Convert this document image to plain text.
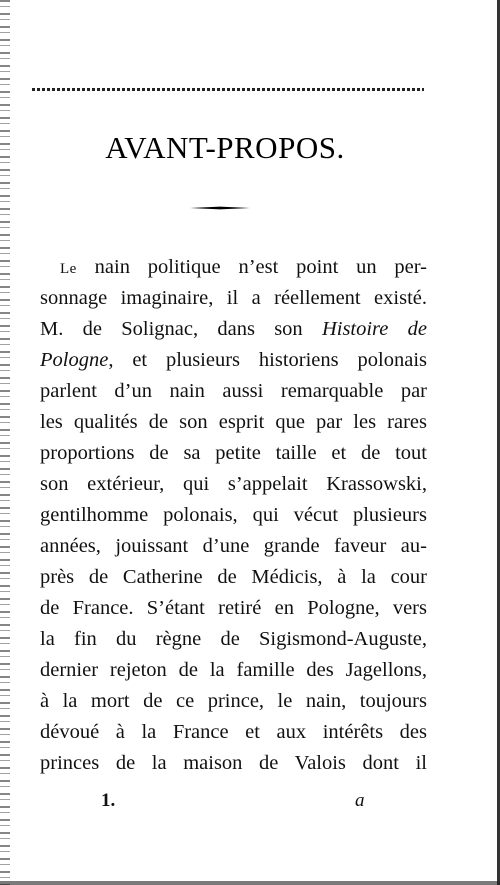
AVANT-PROPOS.
Le nain politique n’est point un per-
sonnage imaginaire, il a réellement existé.
M. de Solignac, dans son Histoire de
Pologne, et plusieurs historiens polonais
parlent d’un nain aussi remarquable par
les qualités de son esprit que par les rares
proportions de sa petite taille et de tout
son extérieur, qui s’appelait Krassowski,
gentilhomme polonais, qui vécut plusieurs
années, jouissant d’une grande faveur au-
près de Catherine de Médicis, à la cour
de France. S’étant retiré en Pologne, vers
la fin du règne de Sigismond-Auguste,
dernier rejeton de la famille des Jagellons,
à la mort de ce prince, le nain, toujours
dévoué à la France et aux intérêts des
princes de la maison de Valois dont il
1.	a
